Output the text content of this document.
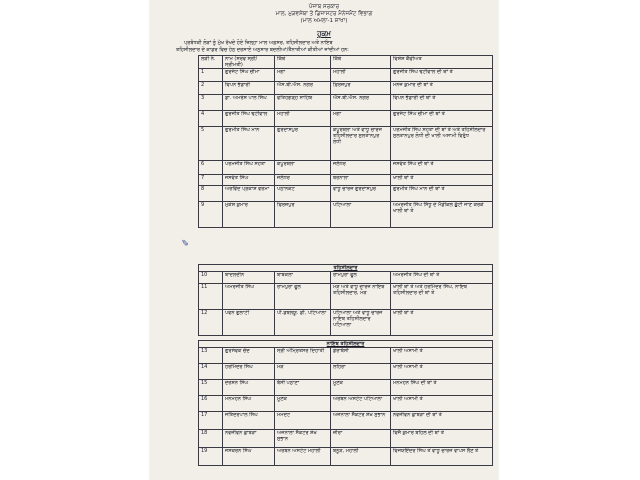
ਪੰਜਾਬ ਸਰਕਾਰ
ਮਾਲ, ਮੁੜਵਸੇਬਾ ਤੇ ਡਿਜਾਸਟਰ ਮੈਨੇਜਮੈਂਟ ਵਿਭਾਗ
(ਮਾਲ ਅਮਲਾ-1 ਸ਼ਾਖਾ)
ਹੁਕਮ
ਪ੍ਰਬੰਧਕੀ ਲੋੜਾਂ ਨੂੰ ਮੁੱਖ ਰੱਖਦੇ ਹੋਏ ਜ਼ਿਲ੍ਹਾ ਮਾਲ ਅਫ਼ਸਰ, ਤਹਿਸੀਲਦਾਰ ਅਤੇ ਨਾਇਬ
ਤਹਿਸੀਲਦਾਰ ਦੇ ਕਾਡਰ ਵਿਚ ਹੇਠ ਦਰਸਾਏ ਅਨੁਸਾਰ ਬਦਲੀਆਂ/ਤੈਨਾਤੀਆਂ ਕੀਤੀਆਂ ਜਾਂਦੀਆਂ ਹਨ:
ਲੜੀ ਨੰ.	ਨਾਮ (ਸਰਵ ਸ੍ਰੀ/ਸ੍ਰੀਮਤੀ)	ਕਿੱਥੋਂ	ਕਿੱਥੇ	ਵਿਸ਼ੇਸ਼ ਕੈਫੀਅਤ
1	ਗੁਰਜੰਟ ਸਿੰਘ ਚੀਮਾ	ਮੋਗਾ	ਮੋਹਾਲੀ	ਗੁਰਜੀਤ ਸਿੰਘ ਢੋਟੀਵਾਲ ਦੀ ਥਾਂ ਤੇ
2	ਵਿਪਨ ਭੰਡਾਰੀ	ਐਸ.ਬੀ.ਐਸ. ਨਗਰ	ਫ਼ਿਰੋਜ਼ਪੁਰ	ਮਨੋਜ ਕੁਮਾਰ ਦੀ ਥਾਂ ਤੇ
3	ਡਾ. ਅਮਰੇਸ਼ ਪਾਲ ਸਿੰਘ	ਫਤਿਹਗੜ੍ਹ ਸਾਹਿਬ	ਐਸ.ਬੀ.ਐਸ. ਨਗਰ	ਵਿਪਨ ਭੰਡਾਰੀ ਦੀ ਥਾਂ ਤੇ
4	ਗੁਰਜੀਤ ਸਿੰਘ ਢੋਟੀਵਾਲ	ਮੋਹਾਲੀ	ਮੋਗਾ	ਗੁਰਜੰਟ ਸਿੰਘ ਚੀਮਾ ਦੀ ਥਾਂ ਤੇ
5	ਗੁਰਮੀਤ ਸਿੰਘ ਮਾਨ	ਗੁਰਦਾਸਪੁਰ	ਕਪੂਰਥਲਾ ਅਤੇ ਵਾਧੂ ਚਾਰਜ ਤਹਿਸੀਲਦਾਰ ਸੁਲਤਾਨਪੁਰ ਲੋਧੀ	ਪਰਮਜੀਤ ਸਿੰਘ ਸਹੋਤਾ ਦੀ ਥਾਂ ਤੇ ਅਤੇ ਤਹਿਸੀਲਦਾਰ ਸੁਲਤਾਨਪੁਰ ਲੋਧੀ ਦੀ ਖਾਲੀ ਅਸਾਮੀ ਵਿਰੁੱਧ
6	ਪਰਮਜੀਤ ਸਿੰਘ ਸਹੋਤਾ	ਕਪੂਰਥਲਾ	ਜਲੰਧਰ	ਜਸਵੰਤ ਸਿੰਘ ਦੀ ਥਾਂ ਤੇ
7	ਜਸਵੰਤ ਸਿੰਘ	ਜਲੰਧਰ	ਬਰਨਾਲਾ	ਖਾਲੀ ਥਾਂ ਤੇ
8	ਅਰਵਿੰਦ ਪ੍ਰਕਾਸ਼ ਵਰਮਾ	ਪਠਾਨਕੋਟ	ਵਾਧੂ ਚਾਰਜ ਗੁਰਦਾਸਪੁਰ	ਗੁਰਮੀਤ ਸਿੰਘ ਮਾਨ ਦੀ ਥਾਂ ਤੇ
9	ਮੁਕੇਸ਼ ਕੁਮਾਰ	ਫਿਰੋਜ਼ਪੁਰ	ਪਟਿਆਲਾ	ਅਮਰਜੀਤ ਸਿੰਘ ਸਿੱਧੂ ਦੇ ਮੈਡੀਕਲ ਛੁੱਟੀ ਜਾਣ ਕਰਕੇ ਖਾਲੀ ਥਾਂ ਤੇ
ਤਹਿਸੀਲਦਾਰ				
10	ਬਾਦਲਦੀਨ	ਬਾਬਕਲਾ	ਰਾਮਪੁਰਾ ਫੂਲ	ਅਮਰਜੀਤ ਸਿੰਘ ਦੀ ਥਾਂ ਤੇ
11	ਅਮਰਜੀਤ ਸਿੰਘ	ਰਾਮਪੁਰਾ ਫੂਲ	ਮੋੜ ਅਤੇ ਵਾਧੂ ਚਾਰਜ ਨਾਇਬ ਤਹਿਸੀਲਦਾਰ, ਮੋੜ	ਖਾਲੀ ਥਾਂ ਤੇ ਅਤੇ ਹਰਮਿੰਦਰ ਸਿੰਘ, ਨਾਇਬ ਤਹਿਸੀਲਦਾਰ ਦੀ ਥਾਂ ਤੇ
12	ਪਵਨ ਗੁਲਾਟੀ	ਪੀ.ਡਬਲਯੂ. ਡੀ, ਪਟਿਆਲਾ	ਪਟਿਆਲਾ ਅਤੇ ਵਾਧੂ ਚਾਰਜ ਨਾਇਬ ਤਹਿਸੀਲਦਾਰ ਪਟਿਆਲਾ	ਖਾਲੀ ਥਾਂ ਤੇ
ਨਾਇਬ ਤਹਿਸੀਲਦਾਰ				
13	ਗੁਰਸੇਵਕ ਚੰਦ	ਸ੍ਰੀ ਅੰਮ੍ਰਿਤਸਰ ਦਿਹਾਤੀ	ਡੇਰਾਬੱਸੀ	ਖਾਲੀ ਅਸਾਮੀ ਤੇ
14	ਹਰਮਿੰਦਰ ਸਿੰਘ	ਮੋੜ	ਲਹਿਰਾ	ਖਾਲੀ ਅਸਾਮੀ ਤੇ
15	ਦਰਸ਼ਨ ਸਿੰਘ	ਬੱਸੀ ਪਠਾਣਾ	ਮੂਣਕ	ਮਨਮੋਹਨ ਸਿੰਘ ਦੀ ਥਾਂ ਤੇ
16	ਮਨਮੋਹਨ ਸਿੰਘ	ਮੂਣਕ	ਅਰਬਨ ਅਸਟੇਟ ਪਟਿਆਲਾ	ਖਾਲੀ ਅਸਾਮੀ ਤੇ
17	ਜਤਿੰਦਰਪਾਲ ਸਿੰਘ	ਮਮਦੋਟ	ਅਜਨਾਲਾ ਸੈਕਟਰ ਸ਼ੇਖ਼ ਸੁਭਾਨ	ਨਵਜੀਵਨ ਛਾਬੜਾ ਦੀ ਥਾਂ ਤੇ
18	ਨਵਜੀਵਨ ਛਾਬੜਾ	ਅਜਨਾਲਾ ਸੈਕਟਰ ਸ਼ੇਖ਼ ਸੁਭਾਨ	ਜ਼ੀਰਾ	ਵਿਜੈ ਕੁਮਾਰ ਬਹਿਲ ਦੀ ਥਾਂ ਤੇ
19	ਜਸਕਰਨ ਸਿੰਘ	ਅਰਬਨ ਅਸਟੇਟ ਮੋਹਾਲੀ	ਬਨੂੜ, ਮੋਹਾਲੀ	ਵਿਜਯਇੰਦਰ ਸਿੰਘ ਤੋਂ ਵਾਧੂ ਚਾਰਜ ਵਾਪਸ ਲੈਣ ਤੇ
✎
